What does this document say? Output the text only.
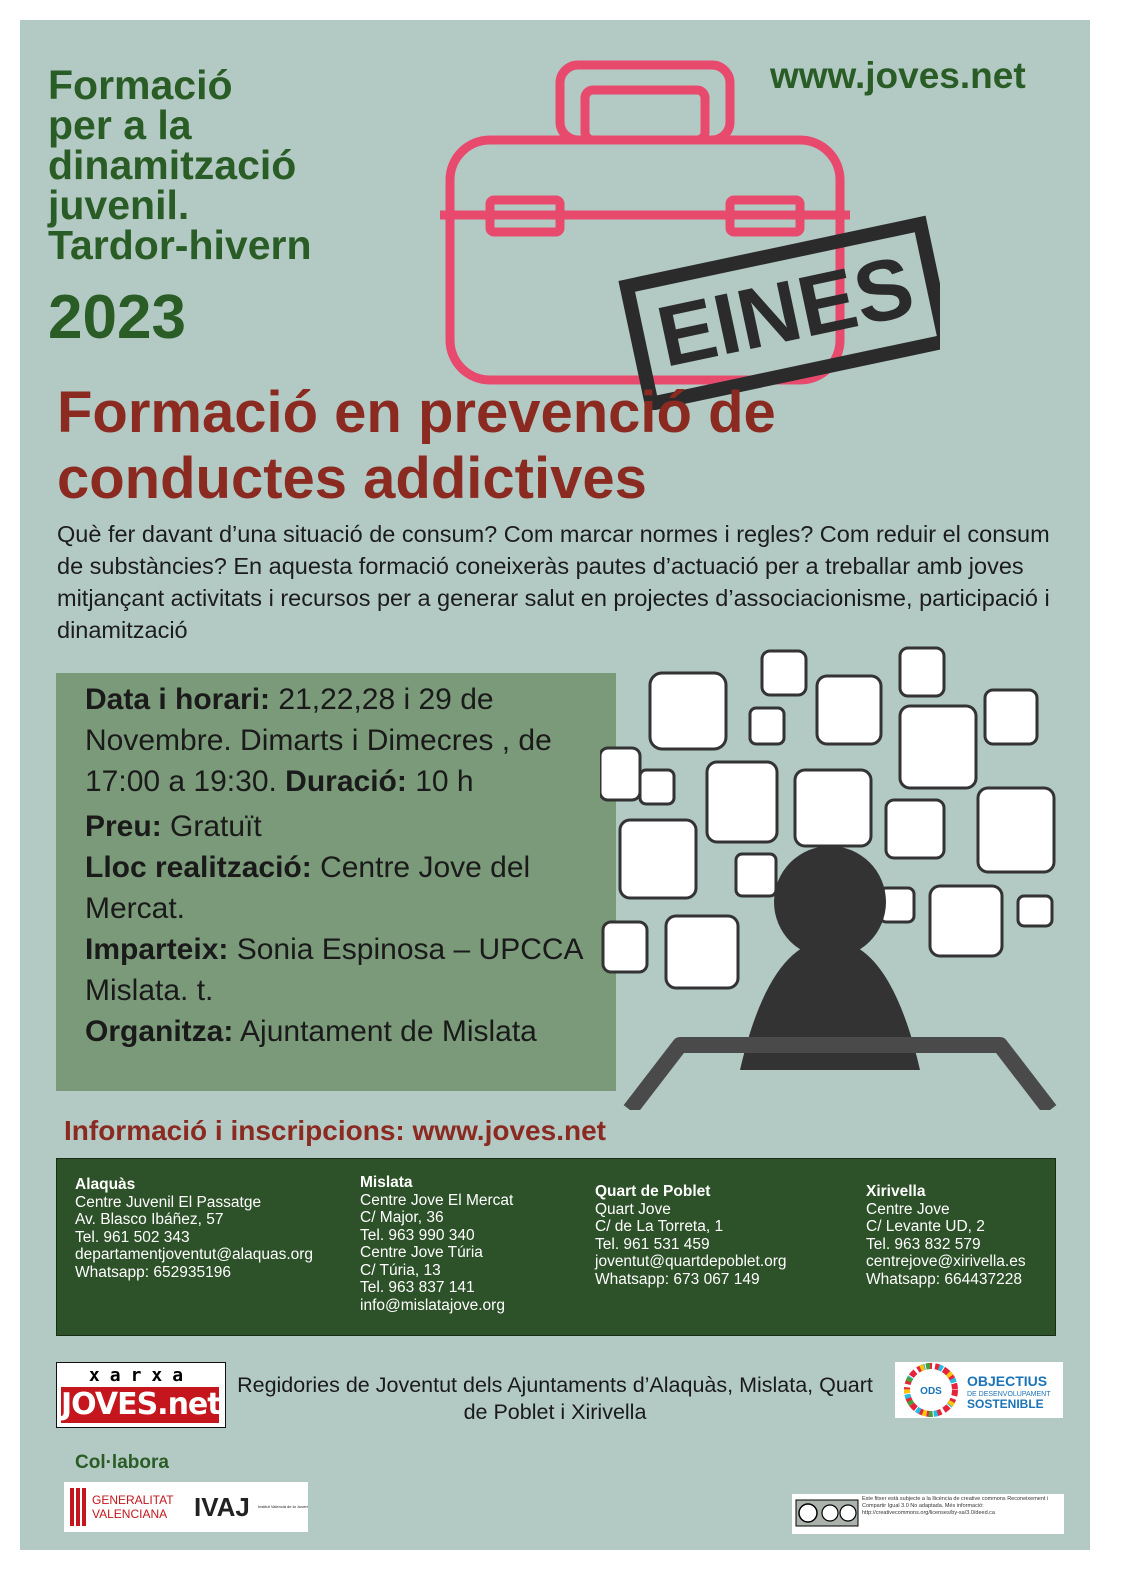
Formació
per a la
dinamització
juvenil.
Tardor-hivern
2023
www.joves.net
EINES
Formació en prevenció de
conductes addictives
Què fer davant d’una situació de consum? Com marcar normes i regles? Com reduir el consum de substàncies? En aquesta formació coneixeràs pautes d’actuació per a treballar amb joves mitjançant activitats i recursos per a generar salut en projectes d’associacionisme, participació i dinamització
Data i horari: 21,22,28 i 29 de Novembre. Dimarts i Dimecres , de 17:00 a 19:30. Duració: 10 h
Preu: Gratuït
Lloc realització: Centre Jove del Mercat.
Imparteix: Sonia Espinosa – UPCCA Mislata. t.
Organitza: Ajuntament de Mislata
Informació i inscripcions: www.joves.net
Alaquàs
Centre Juvenil El Passatge
Av. Blasco Ibáñez, 57
Tel. 961 502 343
departamentjoventut@alaquas.org
Whatsapp: 652935196
Mislata
Centre Jove El Mercat
C/ Major, 36
Tel. 963 990 340
Centre Jove Túria
C/ Túria, 13
Tel. 963 837 141
info@mislatajove.org
Quart de Poblet
Quart Jove
C/ de La Torreta, 1
Tel. 961 531 459
joventut@quartdepoblet.org
Whatsapp: 673 067 149
Xirivella
Centre Jove
C/ Levante UD, 2
Tel. 963 832 579
centrejove@xirivella.es
Whatsapp: 664437228
xarxa
JOVES.net
Regidories de Joventut dels Ajuntaments d’Alaquàs, Mislata, Quart de Poblet i Xirivella
ODS
OBJECTIUS
DE DESENVOLUPAMENT
SOSTENIBLE
Col·labora
GENERALITAT
VALENCIANA IVAJ Institut Valencià de la Joventut
Este fitxer està subjecte a la llicència de creative commons Reconeixement i Compartir Igual 3.0 No adaptada. Més informació: http://creativecommons.org/licenses/by-sa/3.0/deed.ca
